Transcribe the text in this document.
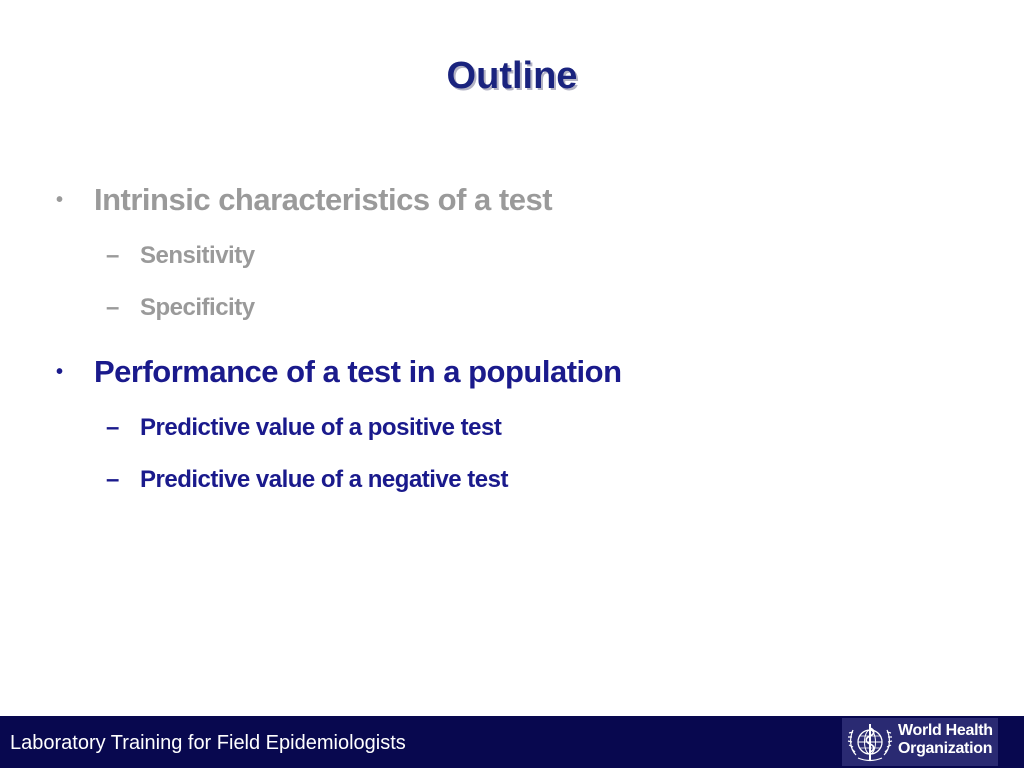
Outline
• Intrinsic characteristics of a test
– Sensitivity
– Specificity
• Performance of a test in a population
– Predictive value of a positive test
– Predictive value of a negative test
Laboratory Training for Field Epidemiologists
World Health
Organization
